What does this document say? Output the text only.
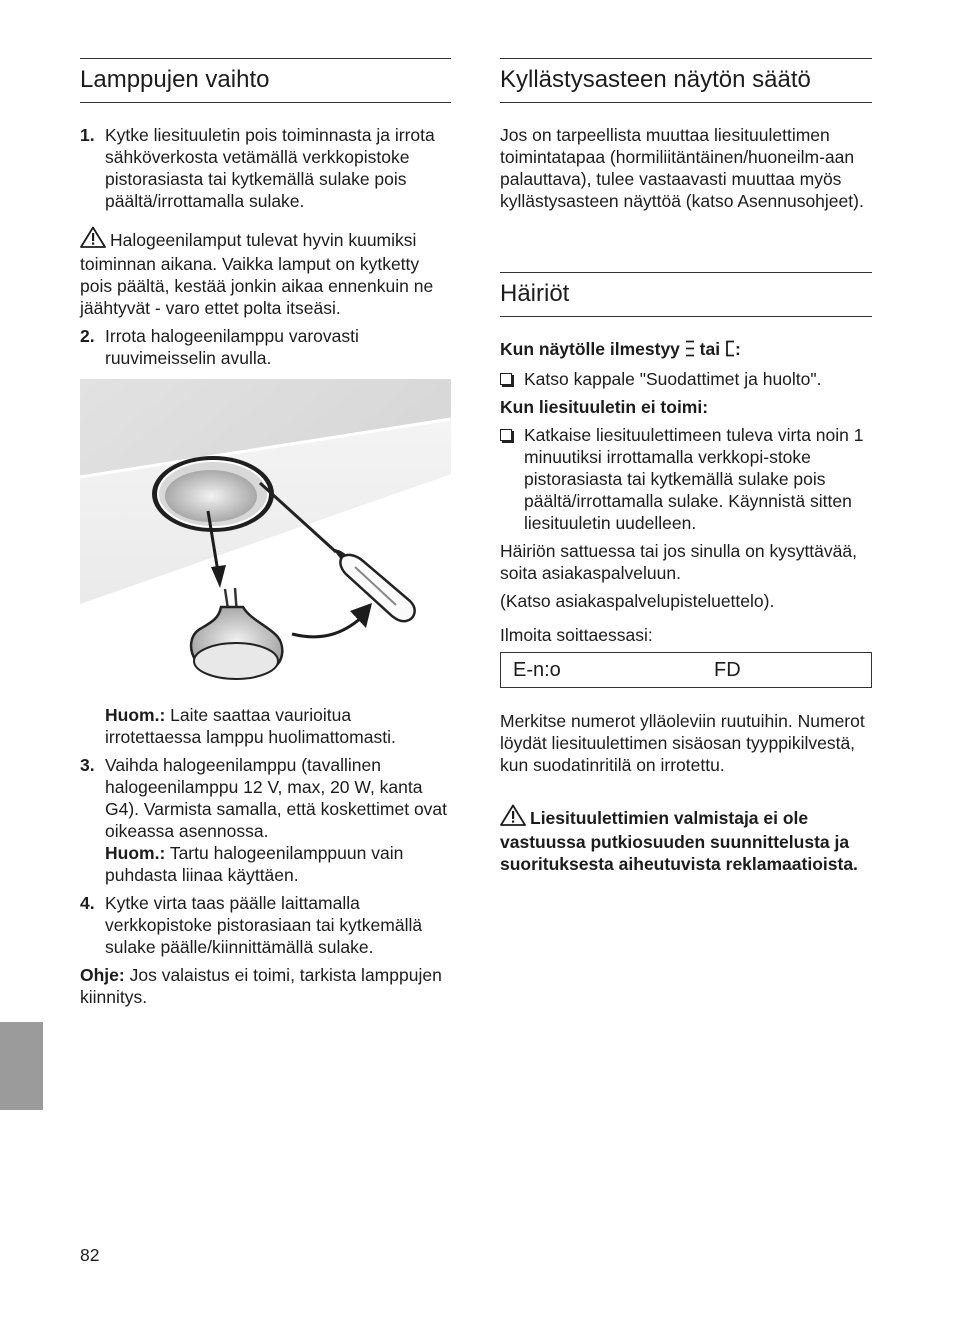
Lamppujen vaihto
1. Kytke liesituuletin pois toiminnasta ja irrota sähköverkosta vetämällä verkkopistoke pistorasiasta tai kytkemällä sulake pois päältä/irrottamalla sulake.

Halogeenilamput tulevat hyvin kuumiksi toiminnan aikana. Vaikka lamput on kytketty pois päältä, kestää jonkin aikaa ennenkuin ne jäähtyvät - varo ettet polta itseäsi.

2. Irrota halogeenilamppu varovasti ruuvimeisselin avulla.

Huom.: Laite saattaa vaurioitua irrotettaessa lamppu huolimattomasti.

3. Vaihda halogeenilamppu (tavallinen halogeenilamppu 12 V, max, 20 W, kanta G4). Varmista samalla, että koskettimet ovat oikeassa asennossa.
Huom.: Tartu halogeenilamppuun vain puhdasta liinaa käyttäen.
4. Kytke virta taas päälle laittamalla verkkopistoke pistorasiaan tai kytkemällä sulake päälle/kiinnittämällä sulake.

Ohje: Jos valaistus ei toimi, tarkista lamppujen kiinnitys.

Kyllästysasteen näytön säätö

Jos on tarpeellista muuttaa liesituulettimen toimintatapaa (hormiliitäntäinen/huoneilm-aan palauttava), tulee vastaavasti muuttaa myös kyllästysasteen näyttöä (katso Asennusohjeet).

Häiriöt

Kun näytölle ilmestyy  tai :

Katso kappale "Suodattimet ja huolto".

Kun liesituuletin ei toimi:

Katkaise liesituulettimeen tuleva virta noin 1 minuutiksi irrottamalla verkkopi-stoke pistorasiasta tai kytkemällä sulake pois päältä/irrottamalla sulake. Käynnistä sitten liesituuletin uudelleen.

Häiriön sattuessa tai jos sinulla on kysyttävää, soita asiakaspalveluun.

(Katso asiakaspalvelupisteluettelo).

Ilmoita soittaessasi:

E-n:o	FD

Merkitse numerot ylläoleviin ruutuihin. Numerot löydät liesituulettimen sisäosan tyyppikilvestä, kun suodatinritilä on irrotettu.

Liesituulettimien valmistaja ei ole vastuussa putkiosuuden suunnittelusta ja suorituksesta aiheutuvista reklamaatioista.

82
